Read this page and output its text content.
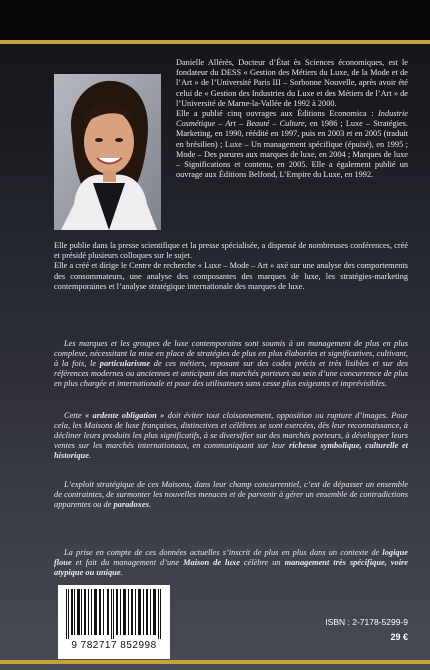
Danielle Allérès, Docteur d’État ès Sciences économiques, est le fondateur du DESS « Gestion des Métiers du Luxe, de la Mode et de l’Art » de l’Université Paris III – Sorbonne Nouvelle, après avoir été celui de « Gestion des Industries du Luxe et des Métiers de l’Art » de l’Université de Marne-la-Vallée de 1992 à 2000.

Elle a publié cinq ouvrages aux Éditions Economica : Industrie Cosmétique – Art – Beauté – Culture, en 1986 ; Luxe – Stratégies. Marketing, en 1990, réédité en 1997, puis en 2003 et en 2005 (traduit en brésilien) ; Luxe – Un management spécifique (épuisé), en 1995 ; Mode – Des parures aux marques de luxe, en 2004 ; Marques de luxe – Significations et contenu, en 2005. Elle a également publié un ouvrage aux Éditions Belfond, L’Empire du Luxe, en 1992.

Elle publie dans la presse scientifique et la presse spécialisée, a dispensé de nombreuses conférences, créé et présidé plusieurs colloques sur le sujet.

Elle a créé et dirige le Centre de recherche « Luxe – Mode – Art » axé sur une analyse des comportements des consommateurs, une analyse des composantes des marques de luxe, les stratégies-marketing contemporaines et l’analyse stratégique internationale des marques de luxe.

Les marques et les groupes de luxe contemporains sont soumis à un management de plus en plus complexe, nécessitant la mise en place de stratégies de plus en plus élaborées et significatives, cultivant, à la fois, le particularisme de ces métiers, reposant sur des codes précis et très lisibles et sur des références modernes ou anciennes et anticipant des marchés porteurs au sein d’une concurrence de plus en plus chargée et internationale et pour des utilisateurs sans cesse plus exigeants et imprévisibles.

Cette « ardente obligation » doit éviter tout cloisonnement, opposition ou rupture d’images. Pour cela, les Maisons de luxe françaises, distinctives et célèbres se sont exercées, dès leur reconnaissance, à décliner leurs produits les plus significatifs, à se diversifier sur des marchés porteurs, à développer leurs ventes sur les marchés internationaux, en communiquant sur leur richesse symbolique, culturelle et historique.

L’exploit stratégique de ces Maisons, dans leur champ concurrentiel, c’est de dépasser un ensemble de contraintes, de surmonter les nouvelles menaces et de parvenir à gérer un ensemble de contradictions apparentes ou de paradoxes.

La prise en compte de ces données actuelles s’inscrit de plus en plus dans un contexte de logique floue et fait du management d’une Maison de luxe célèbre un management très spécifique, voire atypique ou unique.

9 782717 852998
ISBN : 2-7178-5299-9
29 €
